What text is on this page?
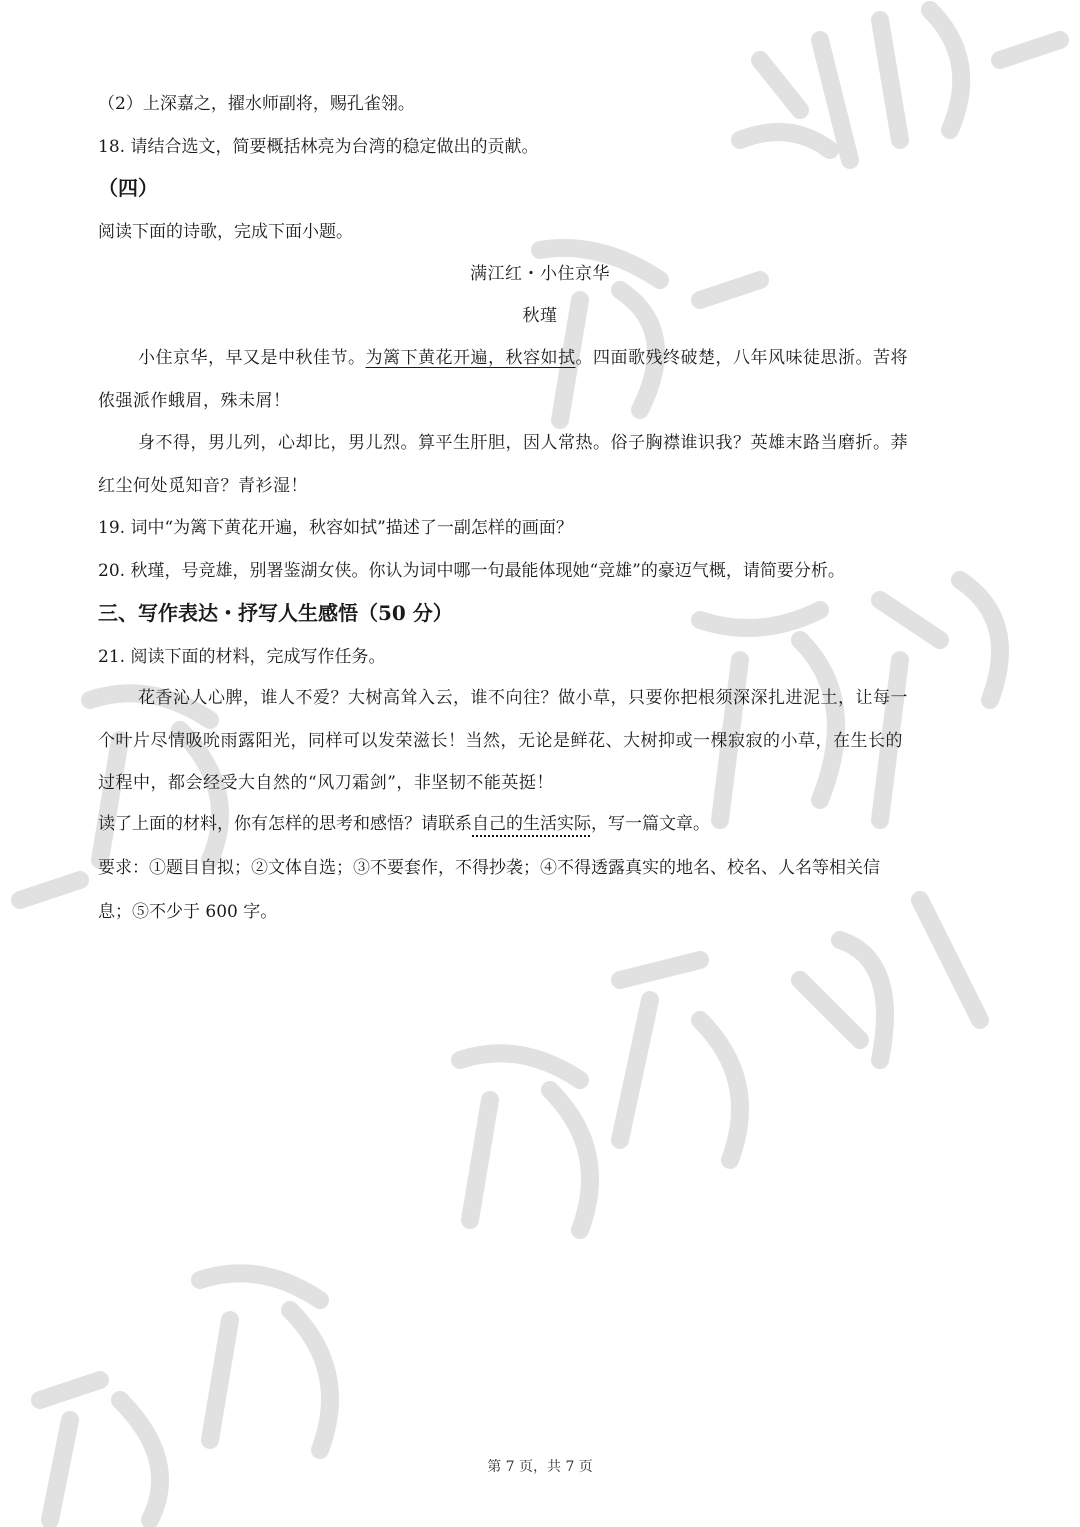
（2）上深嘉之，擢水师副将，赐孔雀翎。
18. 请结合选文，简要概括林亮为台湾的稳定做出的贡献。
（四）
阅读下面的诗歌，完成下面小题。
满江红・小住京华
秋瑾
小住京华，早又是中秋佳节。为篱下黄花开遍，秋容如拭。四面歌残终破楚，八年风味徒思浙。苦将
侬强派作蛾眉，殊未屑！
身不得，男儿列，心却比，男儿烈。算平生肝胆，因人常热。俗子胸襟谁识我？英雄末路当磨折。莽
红尘何处觅知音？青衫湿！
19. 词中“为篱下黄花开遍，秋容如拭”描述了一副怎样的画面？
20. 秋瑾，号竞雄，别署鉴湖女侠。你认为词中哪一句最能体现她“竞雄”的豪迈气概，请简要分析。
三、写作表达・抒写人生感悟（50 分）
21. 阅读下面的材料，完成写作任务。
花香沁人心脾，谁人不爱？大树高耸入云，谁不向往？做小草，只要你把根须深深扎进泥土，让每一
个叶片尽情吸吮雨露阳光，同样可以发荣滋长！当然，无论是鲜花、大树抑或一棵寂寂的小草，在生长的
过程中，都会经受大自然的“风刀霜剑”，非坚韧不能英挺！
读了上面的材料，你有怎样的思考和感悟？请联系自己的生活实际，写一篇文章。
要求：①题目自拟；②文体自选；③不要套作，不得抄袭；④不得透露真实的地名、校名、人名等相关信
息；⑤不少于 600 字。
第 7 页，共 7 页
